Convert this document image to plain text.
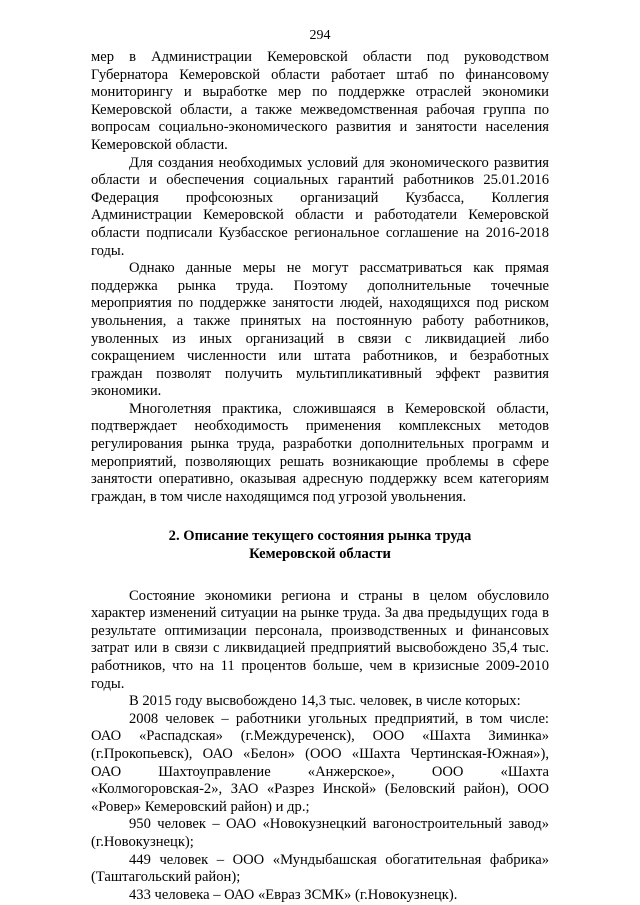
294

мер в Администрации Кемеровской области под руководством Губернатора Кемеровской области работает штаб по финансовому мониторингу и выработке мер по поддержке отраслей экономики Кемеровской области, а также межведомственная рабочая группа по вопросам социально-экономического развития и занятости населения Кемеровской области.

Для создания необходимых условий для экономического развития области и обеспечения социальных гарантий работников 25.01.2016 Федерация профсоюзных организаций Кузбасса, Коллегия Администрации Кемеровской области и работодатели Кемеровской области подписали Кузбасское региональное соглашение на 2016-2018 годы.

Однако данные меры не могут рассматриваться как прямая поддержка рынка труда. Поэтому дополнительные точечные мероприятия по поддержке занятости людей, находящихся под риском увольнения, а также принятых на постоянную работу работников, уволенных из иных организаций в связи с ликвидацией либо сокращением численности или штата работников, и безработных граждан позволят получить мультипликативный эффект развития экономики.

Многолетняя практика, сложившаяся в Кемеровской области, подтверждает необходимость применения комплексных методов регулирования рынка труда, разработки дополнительных программ и мероприятий, позволяющих решать возникающие проблемы в сфере занятости оперативно, оказывая адресную поддержку всем категориям граждан, в том числе находящимся под угрозой увольнения.

2. Описание текущего состояния рынка труда
Кемеровской области

Состояние экономики региона и страны в целом обусловило характер изменений ситуации на рынке труда. За два предыдущих года в результате оптимизации персонала, производственных и финансовых затрат или в связи с ликвидацией предприятий высвобождено 35,4 тыс. работников, что на 11 процентов больше, чем в кризисные 2009-2010 годы.

В 2015 году высвобождено 14,3 тыс. человек, в числе которых:

2008 человек – работники угольных предприятий, в том числе: ОАО «Распадская» (г.Междуреченск), ООО «Шахта Зиминка» (г.Прокопьевск), ОАО «Белон» (ООО «Шахта Чертинская-Южная»), ОАО Шахтоуправление «Анжерское», ООО «Шахта «Колмогоровская-2», ЗАО «Разрез Инской» (Беловский район), ООО «Ровер» Кемеровский район) и др.;

950 человек – ОАО «Новокузнецкий вагоностроительный завод» (г.Новокузнецк);

449 человек – ООО «Мундыбашская обогатительная фабрика» (Таштагольский район);

433 человека – ОАО «Евраз ЗСМК» (г.Новокузнецк).
